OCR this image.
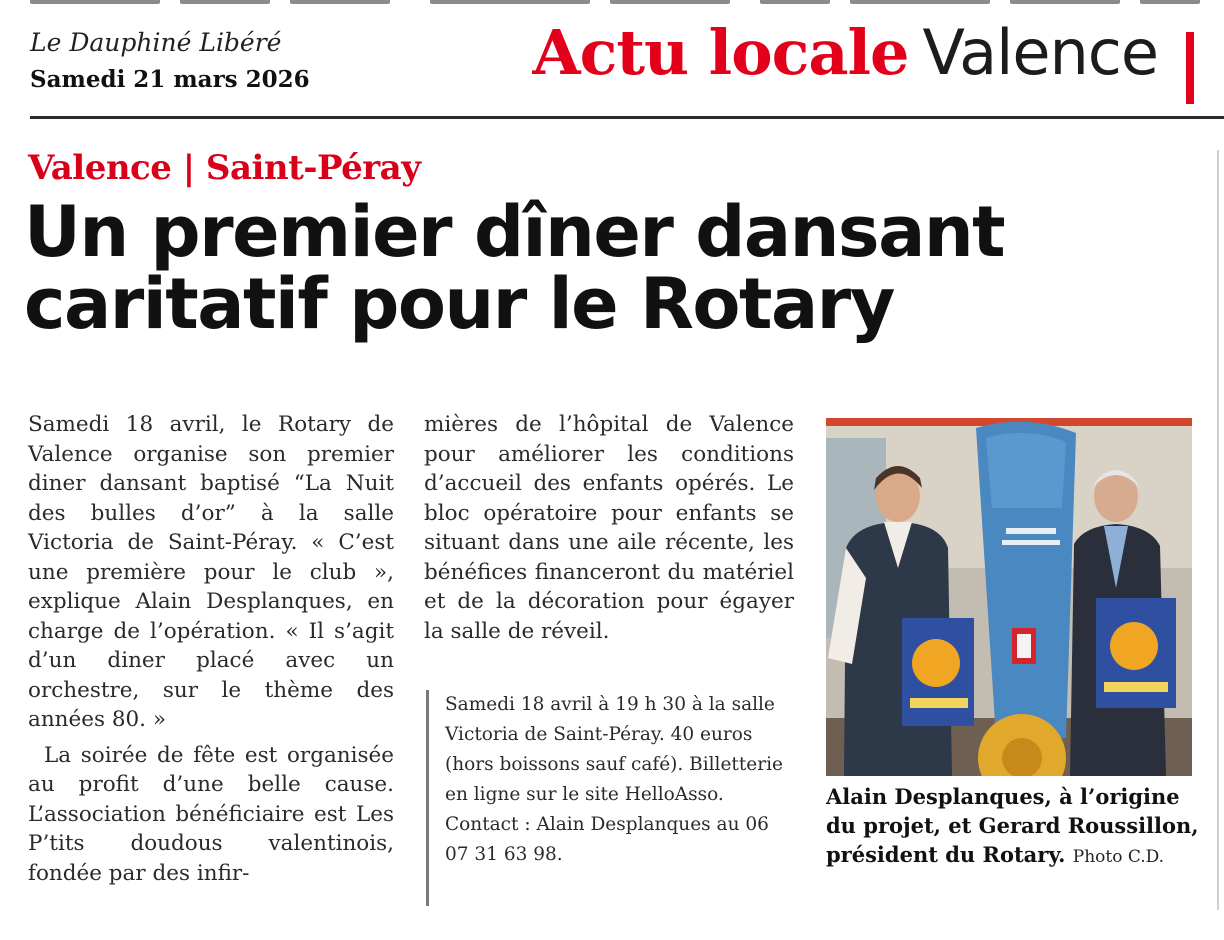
Le Dauphiné Libéré
Samedi 21 mars 2026	Actu locale Valence
Valence | Saint-Péray
Un premier dîner dansant
caritatif pour le Rotary

Samedi 18 avril, le Rotary de Valence organise son premier diner dansant baptisé “La Nuit des bulles d’or” à la salle Victoria de Saint-Péray. « C’est une première pour le club », explique Alain Desplanques, en charge de l’opération. « Il s’agit d’un diner placé avec un orchestre, sur le thème des années 80. »

La soirée de fête est organisée au profit d’une belle cause. L’association bénéficiaire est Les P’tits doudous valentinois, fondée par des infir-

mières de l’hôpital de Valence pour améliorer les conditions d’accueil des enfants opérés. Le bloc opératoire pour enfants se situant dans une aile récente, les bénéfices financeront du matériel et de la décoration pour égayer la salle de réveil.

Samedi 18 avril à 19 h 30 à la salle Victoria de Saint-Péray. 40 euros (hors boissons sauf café). Billetterie en ligne sur le site HelloAsso. Contact : Alain Desplanques au 06 07 31 63 98.
Alain Desplanques, à l’origine du projet, et Gerard Roussillon, président du Rotary. Photo C.D.
